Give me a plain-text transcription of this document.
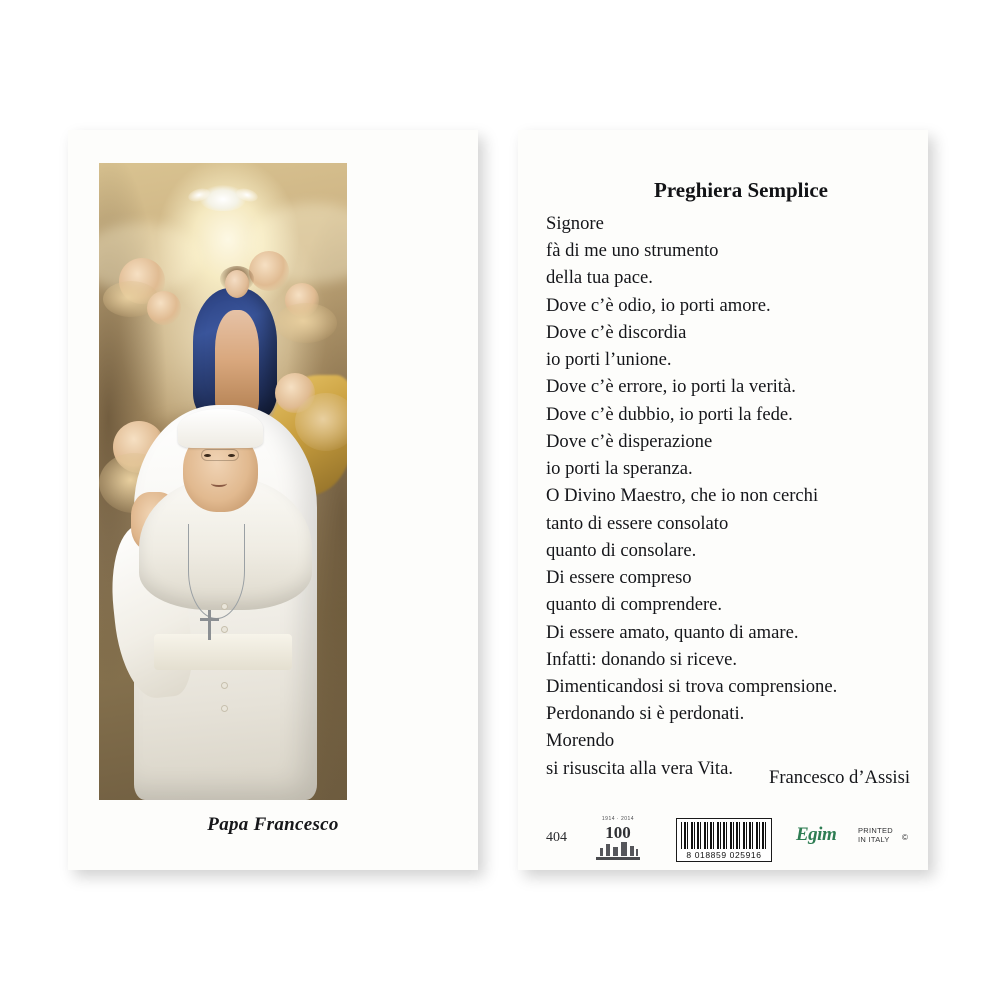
Papa Francesco
Preghiera Semplice
Signore
fà di me uno strumento
della tua pace.
Dove c’è odio, io porti amore.
Dove c’è discordia
io porti l’unione.
Dove c’è errore, io porti la verità.
Dove c’è dubbio, io porti la fede.
Dove c’è disperazione
io porti la speranza.
O Divino Maestro, che io non cerchi
tanto di essere consolato
quanto di consolare.
Di essere compreso
quanto di comprendere.
Di essere amato, quanto di amare.
Infatti: donando si riceve.
Dimenticandosi si trova comprensione.
Perdonando si è perdonati.
Morendo
si risuscita alla vera Vita.	Francesco d’Assisi
404
1914 · 2014
100
8 018859 025916
Egim	PRINTED
IN ITALY	©
